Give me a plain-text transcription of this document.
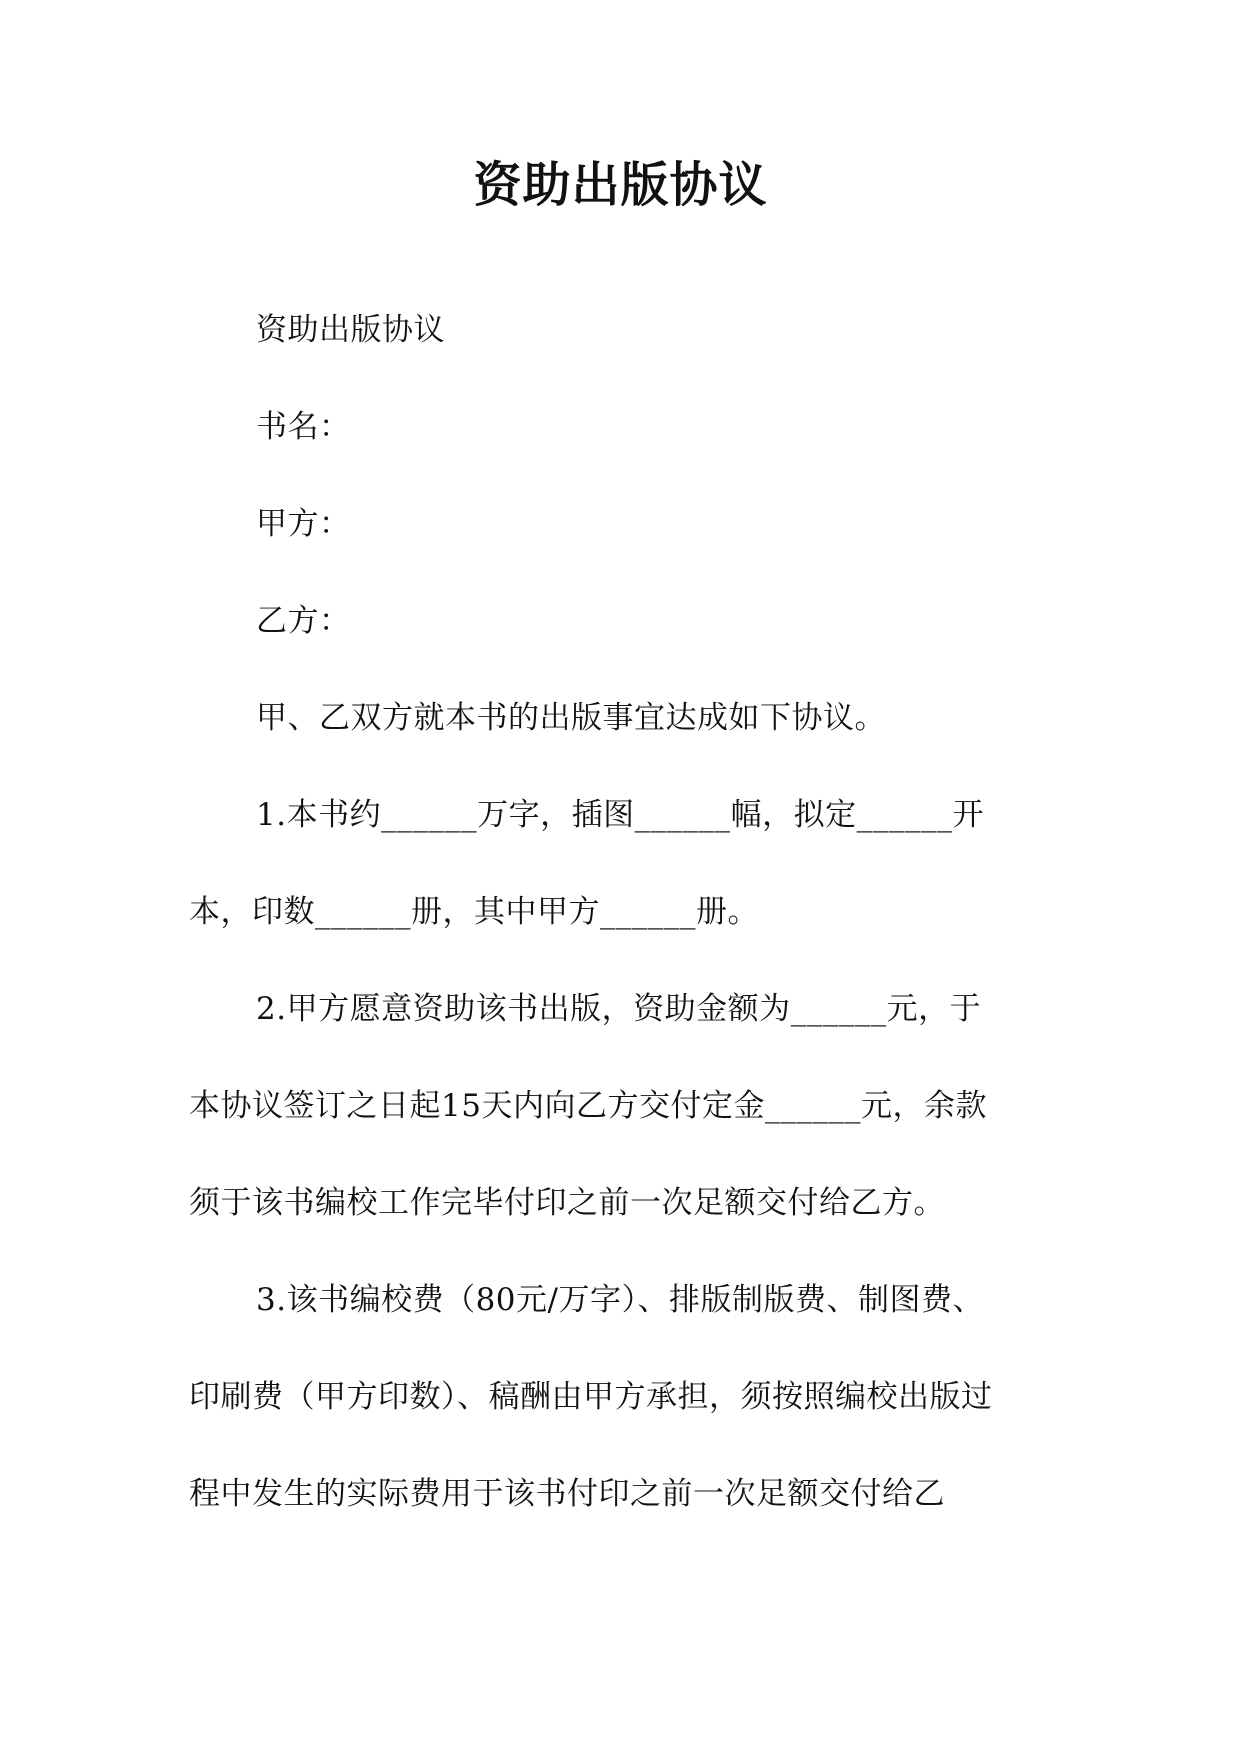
资助出版协议
资助出版协议
书名：
甲方：
乙方：
甲、乙双方就本书的出版事宜达成如下协议。
1.本书约______万字，插图______幅，拟定______开
本，印数______册，其中甲方______册。
2.甲方愿意资助该书出版，资助金额为______元，于
本协议签订之日起15天内向乙方交付定金______元，余款
须于该书编校工作完毕付印之前一次足额交付给乙方。
3.该书编校费（80元/万字）、排版制版费、制图费、
印刷费（甲方印数）、稿酬由甲方承担，须按照编校出版过
程中发生的实际费用于该书付印之前一次足额交付给乙
